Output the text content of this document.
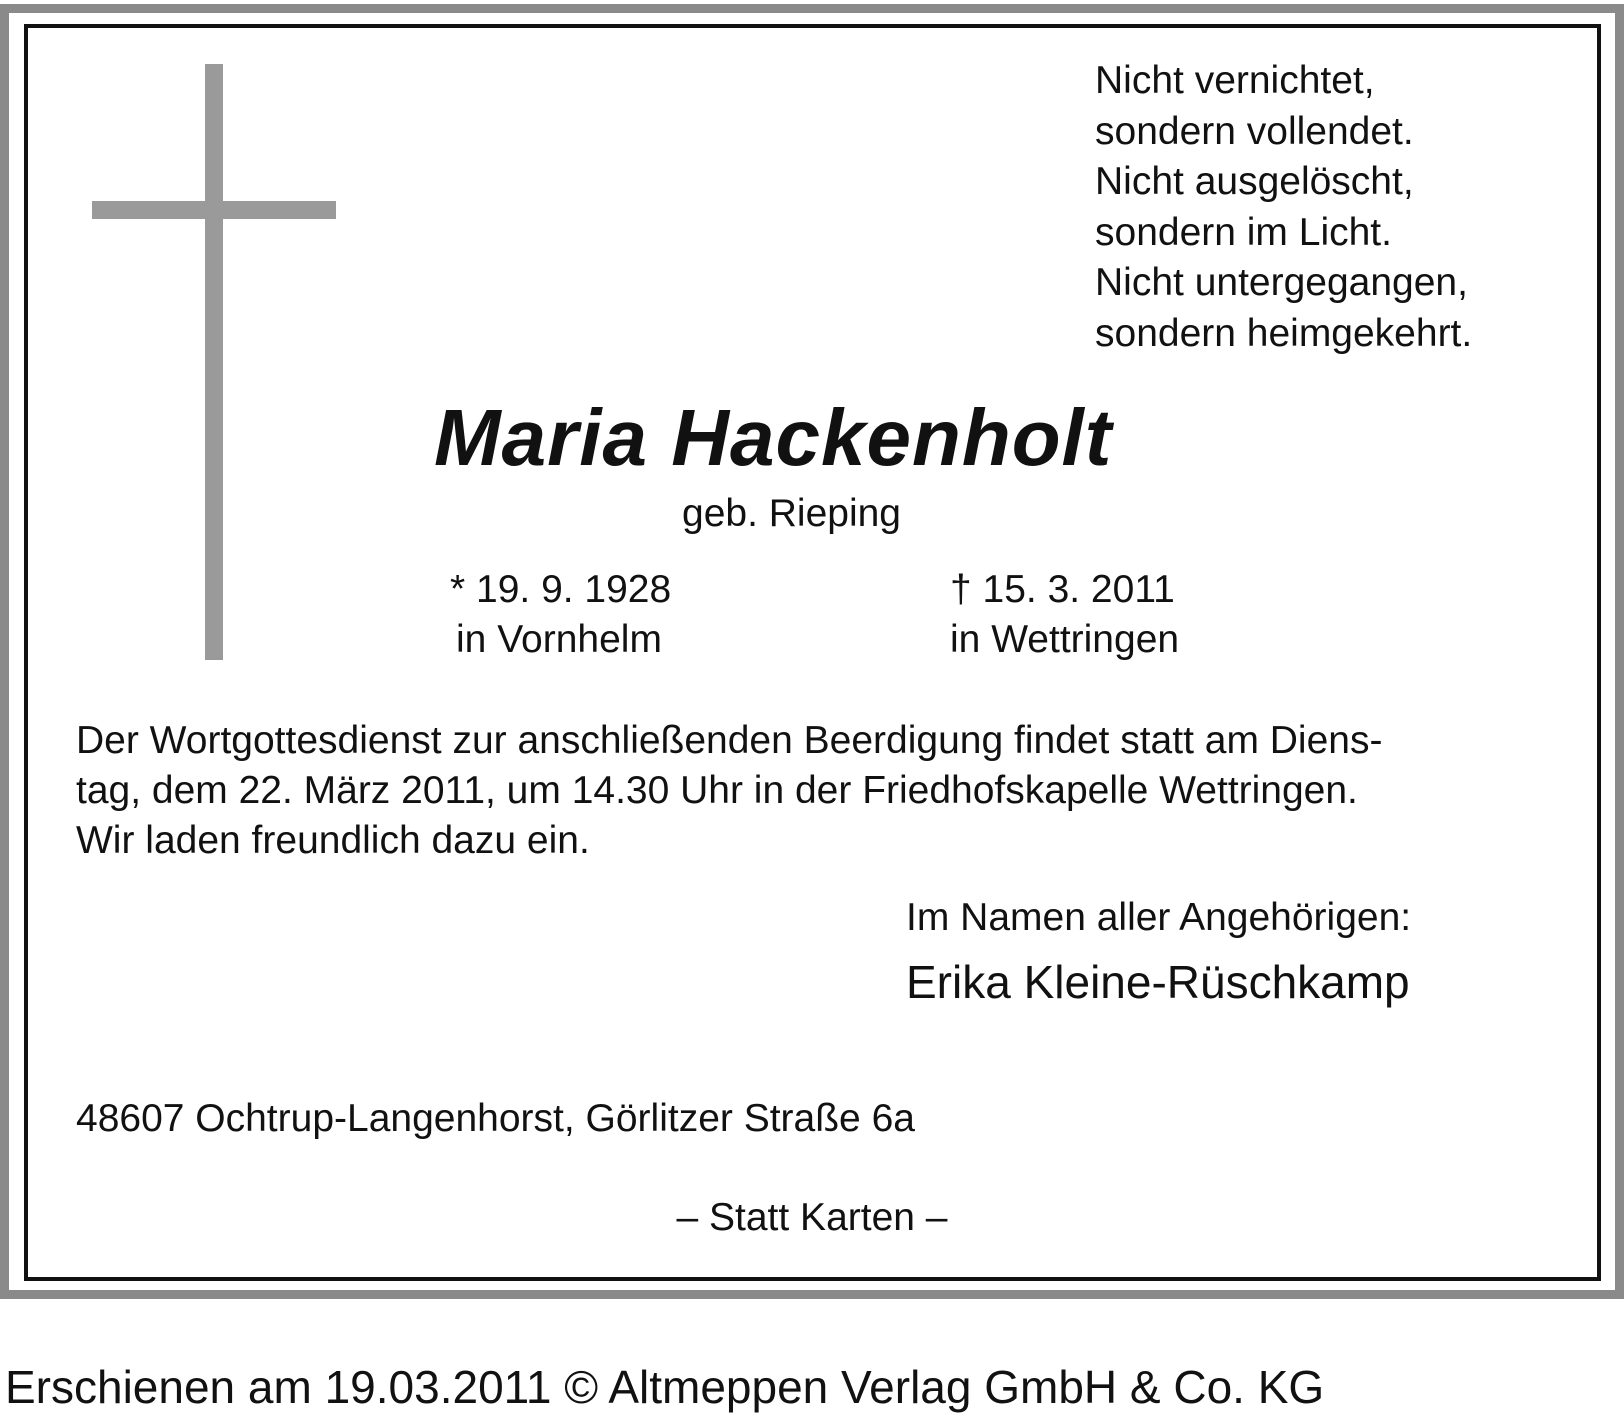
Nicht vernichtet,
sondern vollendet.
Nicht ausgelöscht,
sondern im Licht.
Nicht untergegangen,
sondern heimgekehrt.
Maria Hackenholt
geb. Rieping
* 19. 9. 1928
in Vornhelm
† 15. 3. 2011
in Wettringen
Der Wortgottesdienst zur anschließenden Beerdigung findet statt am Diens-
tag, dem 22. März 2011, um 14.30 Uhr in der Friedhofskapelle Wettringen.
Wir laden freundlich dazu ein.
Im Namen aller Angehörigen:
Erika Kleine-Rüschkamp
48607 Ochtrup-Langenhorst, Görlitzer Straße 6a
– Statt Karten –
Erschienen am 19.03.2011 © Altmeppen Verlag GmbH & Co. KG
